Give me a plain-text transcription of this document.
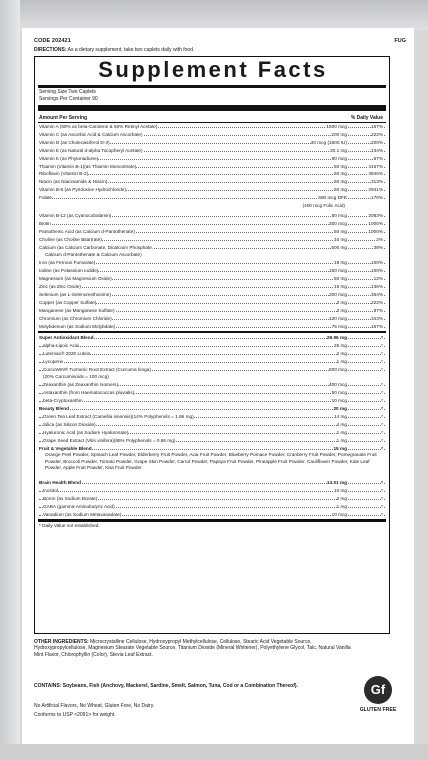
CODE 202421	FUG
DIRECTIONS: As a dietary supplement, take two caplets daily with food.
Supplement Facts
Serving Size Two Caplets
Servings Per Container 90
Amount Per Serving	% Daily Value
Vitamin A (50% as beta-Carotene & 50% Retinyl Acetate)	1500 mcg	167%
Vitamin C (as Ascorbic Acid & Calcium Ascorbate)	200 mg	222%
Vitamin D (as Cholecalciferol D-3)	40 mcg (1600 IU)	200%
Vitamin E (as Natural d-alpha Tocopheryl Acetate)	20.1 mg	134%
Vitamin K (as Phytonadione)	80 mcg	67%
Thiamin (Vitamin B-1)(as Thiamin Mononitrate)	50 mg	4167%
Riboflavin (Vitamin B-2)	50 mg	3846%
Niacin (as Niacinamide & Niacin)	50 mg	313%
Vitamin B-6 (as Pyridoxine Hydrochloride)	50 mg	2941%
Folate	680 mcg DFE	170%
(400 mcg Folic Acid)
Vitamin B-12 (as Cyanocobalamin)	50 mcg	2083%
Biotin	300 mcg	1000%
Pantothenic Acid (as Calcium d-Pantothenate)	50 mg	1000%
Choline (as Choline Bitartrate)	10 mg	2%
Calcium (as Calcium Carbonate, Dicalcium Phosphate,	500 mg	38%
Calcium d-Pantothenate & Calcium Ascorbate)
Iron (as Ferrous Fumarate)	18 mg	100%
Iodine (as Potassium Iodide)	150 mcg	100%
Magnesium (as Magnesium Oxide)	50 mg	12%
Zinc (as Zinc Oxide)	15 mg	136%
Selenium (as L-Selenomethionine)	200 mcg	364%
Copper (as Copper Sulfate)	2 mg	222%
Manganese (as Manganese Sulfate)	2 mg	87%
Chromium (as Chromium Chloride)	120 mcg	343%
Molybdenum (as Sodium Molybdate)	75 mcg	167%
Super Antioxidant Blend	28.96 mg	*
alpha-Lipoic Acid	25 mg	*
Lutemax® 2020 Lutein	2 mg	*
Lycopene	1 mg	*
CurcuWIN® Turmeric Root Extract (Curcuma longa)	500 mcg	*
(20% Curcuminoids = 100 mcg)
Zeaxanthin (as Zeaxanthin Isomers)	400 mcg	*
Astaxanthin (from Haematococcus pluvialis)	50 mcg	*
beta-Cryptoxanthin	10 mcg	*
Beauty Blend	20 mg	*
Green Tea Leaf Extract (Camellia sinensis)(14% Polyphenols = 1.96 mg)	14 mg	*
Silica (as Silicon Dioxide)	4 mg	*
Hyaluronic Acid (as Sodium Hyaluronate)	1 mg	*
Grape Seed Extract (Vitis vinifera)(86% Polyphenols = 0.86 mg)	1 mg	*
Fruit & Vegetable Blend	15 mg	*
Orange Peel Powder, Spinach Leaf Powder, Elderberry Fruit Powder, Acai Fruit Powder, Blueberry Pomace Powder, Cranberry Fruit Powder, Pomegranate Fruit Powder, Broccoli Powder, Tomato Powder, Grape Skin Powder, Carrot Powder, Papaya Fruit Powder, Pineapple Fruit Powder, Cauliflower Powder, Kale Leaf Powder, Apple Fruit Powder, Kiwi Fruit Powder
Brain Health Blend	13.01 mg	*
Inositol	10 mg	*
Boron (as Sodium Borate)	2 mg	*
GABA (gamma-Aminobutyric Acid)	1 mg	*
Vanadium (as Sodium Metavanadate)	10 mcg	*
* Daily Value not established.
OTHER INGREDIENTS: Microcrystalline Cellulose, Hydroxypropyl Methylcellulose, Cellulose, Stearic Acid Vegetable Source, Hydroxypropylcellulose, Magnesium Stearate Vegetable Source, Titanium Dioxide (Mineral Whitener), Polyethylene Glycol, Talc, Natural Vanilla Mint Flavor, Chlorophyllin (Color), Stevia Leaf Extract.
CONTAINS: Soybeans, Fish (Anchovy, Mackerel, Sardine, Smelt, Salmon, Tuna, Cod or a Combination Thereof).
No Artificial Flavors, No Wheat, Gluten Free, No Dairy.
Conforms to USP <2091> for weight.
Gf
GLUTEN FREE
